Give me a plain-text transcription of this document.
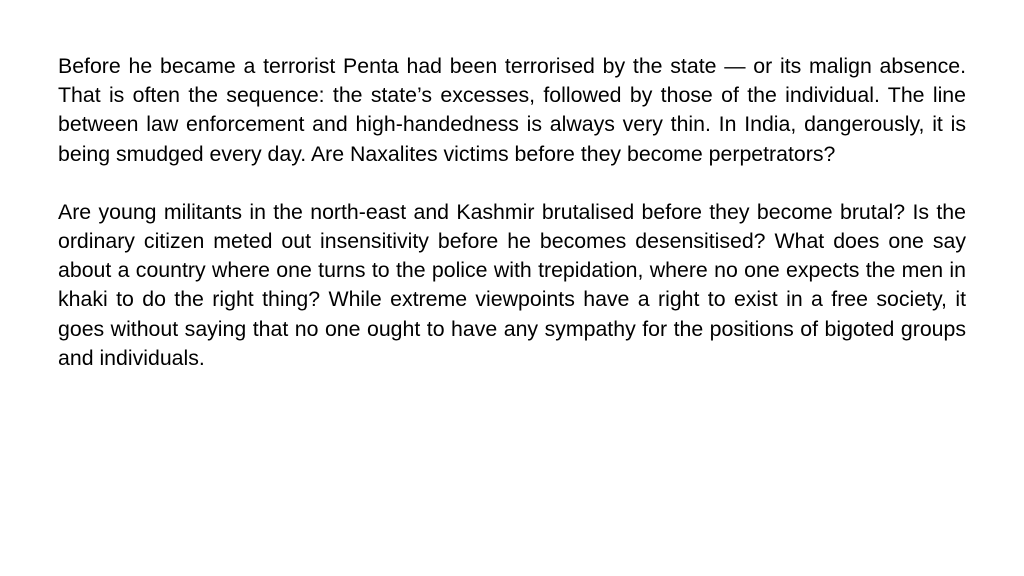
Before he became a terrorist Penta had been terrorised by the state — or its malign absence. That is often the sequence: the state’s excesses, followed by those of the individual. The line between law enforcement and high-handedness is always very thin. In India, dangerously, it is being smudged every day. Are Naxalites victims before they become perpetrators?

Are young militants in the north-east and Kashmir brutalised before they become brutal? Is the ordinary citizen meted out insensitivity before he becomes desensitised? What does one say about a country where one turns to the police with trepidation, where no one expects the men in khaki to do the right thing? While extreme viewpoints have a right to exist in a free society, it goes without saying that no one ought to have any sympathy for the positions of bigoted groups and individuals.
